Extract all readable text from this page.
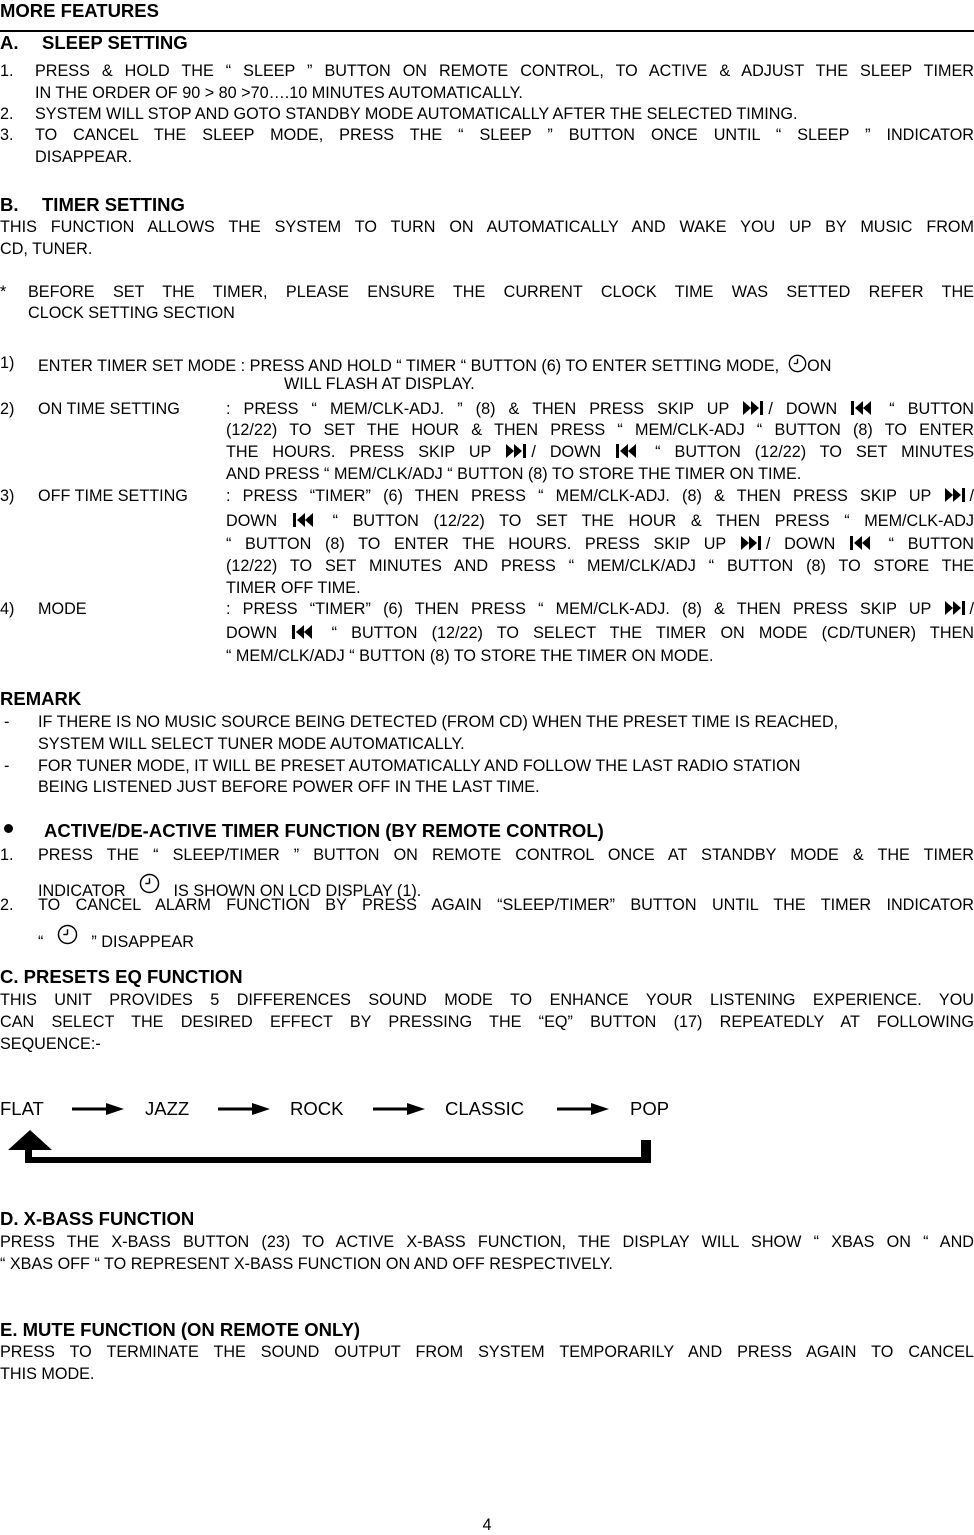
MORE FEATURES
A. SLEEP SETTING
1. PRESS & HOLD THE “ SLEEP ” BUTTON ON REMOTE CONTROL, TO ACTIVE & ADJUST THE SLEEP TIMER
IN THE ORDER OF 90 > 80 >70….10 MINUTES AUTOMATICALLY.
2. SYSTEM WILL STOP AND GOTO STANDBY MODE AUTOMATICALLY AFTER THE SELECTED TIMING.
3. TO CANCEL THE SLEEP MODE, PRESS THE “ SLEEP ” BUTTON ONCE UNTIL “ SLEEP ” INDICATOR
DISAPPEAR.
B. TIMER SETTING
THIS FUNCTION ALLOWS THE SYSTEM TO TURN ON AUTOMATICALLY AND WAKE YOU UP BY MUSIC FROM
CD, TUNER.
* BEFORE SET THE TIMER, PLEASE ENSURE THE CURRENT CLOCK TIME WAS SETTED REFER THE
CLOCK SETTING SECTION
1) ENTER TIMER SET MODE : PRESS AND HOLD “ TIMER “ BUTTON (6) TO ENTER SETTING MODE, ON
WILL FLASH AT DISPLAY.
2) ON TIME SETTING	: PRESS “ MEM/CLK-ADJ. ” (8) & THEN PRESS SKIP UP / DOWN	“ BUTTON
(12/22) TO SET THE HOUR & THEN PRESS “ MEM/CLK-ADJ “ BUTTON (8) TO ENTER
THE HOURS. PRESS SKIP UP / DOWN	“ BUTTON (12/22) TO SET MINUTES
AND PRESS “ MEM/CLK/ADJ “ BUTTON (8) TO STORE THE TIMER ON TIME.
3) OFF TIME SETTING : PRESS “TIMER” (6) THEN PRESS “ MEM/CLK-ADJ. (8) & THEN PRESS SKIP UP /
DOWN	“ BUTTON (12/22) TO SET THE HOUR & THEN PRESS “ MEM/CLK-ADJ
“ BUTTON (8) TO ENTER THE HOURS. PRESS SKIP UP / DOWN	“ BUTTON
(12/22) TO SET MINUTES AND PRESS “ MEM/CLK/ADJ “ BUTTON (8) TO STORE THE
TIMER OFF TIME.
4) MODE	: PRESS “TIMER” (6) THEN PRESS “ MEM/CLK-ADJ. (8) & THEN PRESS SKIP UP /
DOWN	“ BUTTON (12/22) TO SELECT THE TIMER ON MODE (CD/TUNER) THEN
“ MEM/CLK/ADJ “ BUTTON (8) TO STORE THE TIMER ON MODE.
REMARK
- IF THERE IS NO MUSIC SOURCE BEING DETECTED (FROM CD) WHEN THE PRESET TIME IS REACHED,
SYSTEM WILL SELECT TUNER MODE AUTOMATICALLY.
- FOR TUNER MODE, IT WILL BE PRESET AUTOMATICALLY AND FOLLOW THE LAST RADIO STATION
BEING LISTENED JUST BEFORE POWER OFF IN THE LAST TIME.
ACTIVE/DE-ACTIVE TIMER FUNCTION (BY REMOTE CONTROL)
1. PRESS THE “ SLEEP/TIMER ” BUTTON ON REMOTE CONTROL ONCE AT STANDBY MODE & THE TIMER
INDICATOR	IS SHOWN ON LCD DISPLAY (1).
2. TO CANCEL ALARM FUNCTION BY PRESS AGAIN “SLEEP/TIMER” BUTTON UNTIL THE TIMER INDICATOR
“	” DISAPPEAR
C. PRESETS EQ FUNCTION
THIS UNIT PROVIDES 5 DIFFERENCES SOUND MODE TO ENHANCE YOUR LISTENING EXPERIENCE. YOU
CAN SELECT THE DESIRED EFFECT BY PRESSING THE “EQ” BUTTON (17) REPEATEDLY AT FOLLOWING
SEQUENCE:-
FLAT	JAZZ	ROCK	CLASSIC	POP
D. X-BASS FUNCTION
PRESS THE X-BASS BUTTON (23) TO ACTIVE X-BASS FUNCTION, THE DISPLAY WILL SHOW “ XBAS ON “ AND
“ XBAS OFF “ TO REPRESENT X-BASS FUNCTION ON AND OFF RESPECTIVELY.
E. MUTE FUNCTION (ON REMOTE ONLY)
PRESS TO TERMINATE THE SOUND OUTPUT FROM SYSTEM TEMPORARILY AND PRESS AGAIN TO CANCEL
THIS MODE.
4
